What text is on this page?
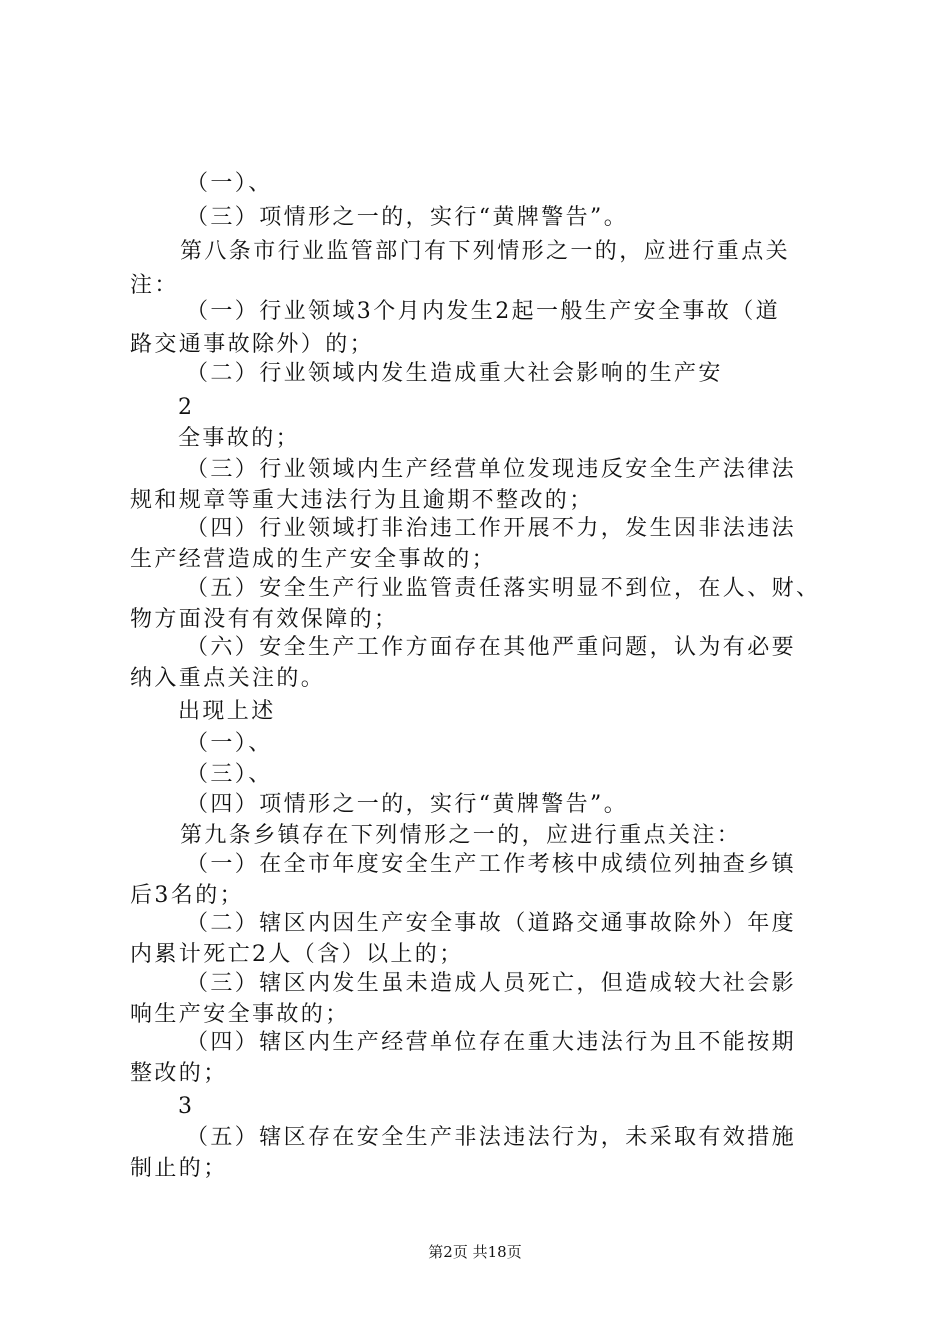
（一）、
（三）项情形之一的，实行“黄牌警告”。
第八条市行业监管部门有下列情形之一的，应进行重点关
注：
（一）行业领域3个月内发生2起一般生产安全事故（道
路交通事故除外）的；
（二）行业领域内发生造成重大社会影响的生产安
2
全事故的；
（三）行业领域内生产经营单位发现违反安全生产法律法
规和规章等重大违法行为且逾期不整改的；
（四）行业领域打非治违工作开展不力，发生因非法违法
生产经营造成的生产安全事故的；
（五）安全生产行业监管责任落实明显不到位，在人、财、
物方面没有有效保障的；
（六）安全生产工作方面存在其他严重问题，认为有必要
纳入重点关注的。
出现上述
（一）、
（三）、
（四）项情形之一的，实行“黄牌警告”。
第九条乡镇存在下列情形之一的，应进行重点关注：
（一）在全市年度安全生产工作考核中成绩位列抽查乡镇
后3名的；
（二）辖区内因生产安全事故（道路交通事故除外）年度
内累计死亡2人（含）以上的；
（三）辖区内发生虽未造成人员死亡，但造成较大社会影
响生产安全事故的；
（四）辖区内生产经营单位存在重大违法行为且不能按期
整改的；
3
（五）辖区存在安全生产非法违法行为，未采取有效措施
制止的；
第2页 共18页
